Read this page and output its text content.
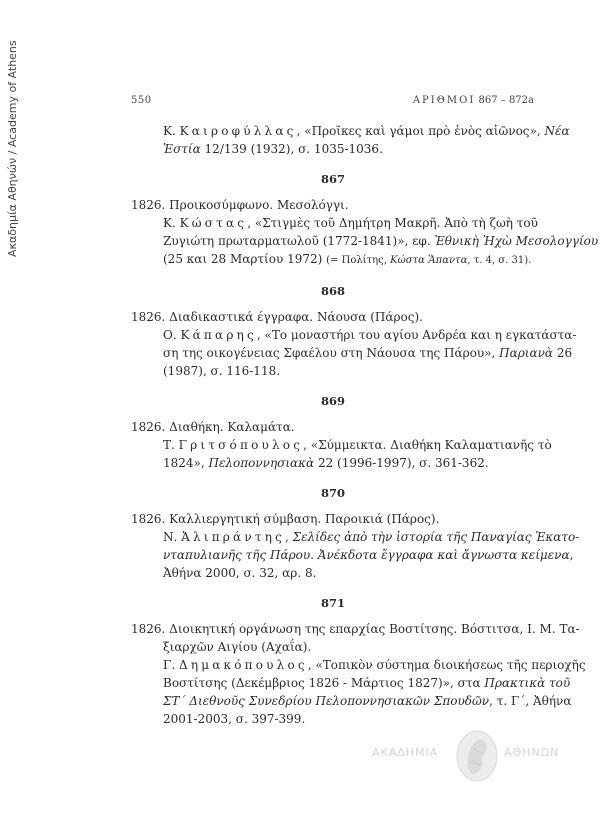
Ακαδημία Αθηνών / Academy of Athens	550	ΑΡΙΘΜΟΙ 867 – 872a
Κ. Καιροφύλλας, «Προῖκες καὶ γάμοι πρὸ ἑνὸς αἰῶνος», Νέα
Ἑστία 12/139 (1932), σ. 1035-1036.
867
1826. Προικοσύμφωνο. Μεσολόγγι.
Κ. Κώστας, «Στιγμὲς τοῦ Δημήτρη Μακρῆ. Ἀπὸ τὴ ζωὴ τοῦ
Ζυγιώτη πρωταρματωλοῦ (1772-1841)», εφ. Ἐθνικὴ Ἠχὼ Μεσολογγίου
(25 και 28 Μαρτίου 1972) (= Πολίτης, Κώστα Ἅπαντα, τ. 4, σ. 31).
868
1826. Διαδικαστικά έγγραφα. Νάουσα (Πάρος).
Ο. Κάπαρης, «Το μοναστήρι του αγίου Ανδρέα και η εγκατάστα-
ση της οικογένειας Σφαέλου στη Νάουσα της Πάρου», Παριανὰ 26
(1987), σ. 116-118.
869
1826. Διαθήκη. Καλαμάτα.
Τ. Γριτσόπουλος, «Σύμμεικτα. Διαθήκη Καλαματιανῆς τὸ
1824», Πελοποννησιακὰ 22 (1996-1997), σ. 361-362.
870
1826. Καλλιεργητική σύμβαση. Παροικιά (Πάρος).
Ν. Ἀλιπράντης, Σελίδες ἀπὸ τὴν ἱστορία τῆς Παναγίας Ἑκατο-
νταπυλιανῆς τῆς Πάρου. Ἀνέκδοτα ἔγγραφα καὶ ἄγνωστα κείμενα,
Ἀθήνα 2000, σ. 32, αρ. 8.
871
1826. Διοικητική οργάνωση της επαρχίας Βοστίτσης. Βόστιτσα, Ι. Μ. Τα-
ξιαρχῶν Αιγίου (Αχαΐα).
Γ. Δημακόπουλος, «Τοπικὸν σύστημα διοικήσεως τῆς περιοχῆς
Βοστίτσης (Δεκέμβριος 1826 - Μάρτιος 1827)», στα Πρακτικὰ τοῦ
ΣΤ΄ Διεθνοῦς Συνεδρίου Πελοποννησιακῶν Σπουδῶν, τ. Γ΄, Ἀθήνα
2001-2003, σ. 397-399.
ΑΚΑΔΗΜΙΑ	ΑΘΗΝΩΝ
